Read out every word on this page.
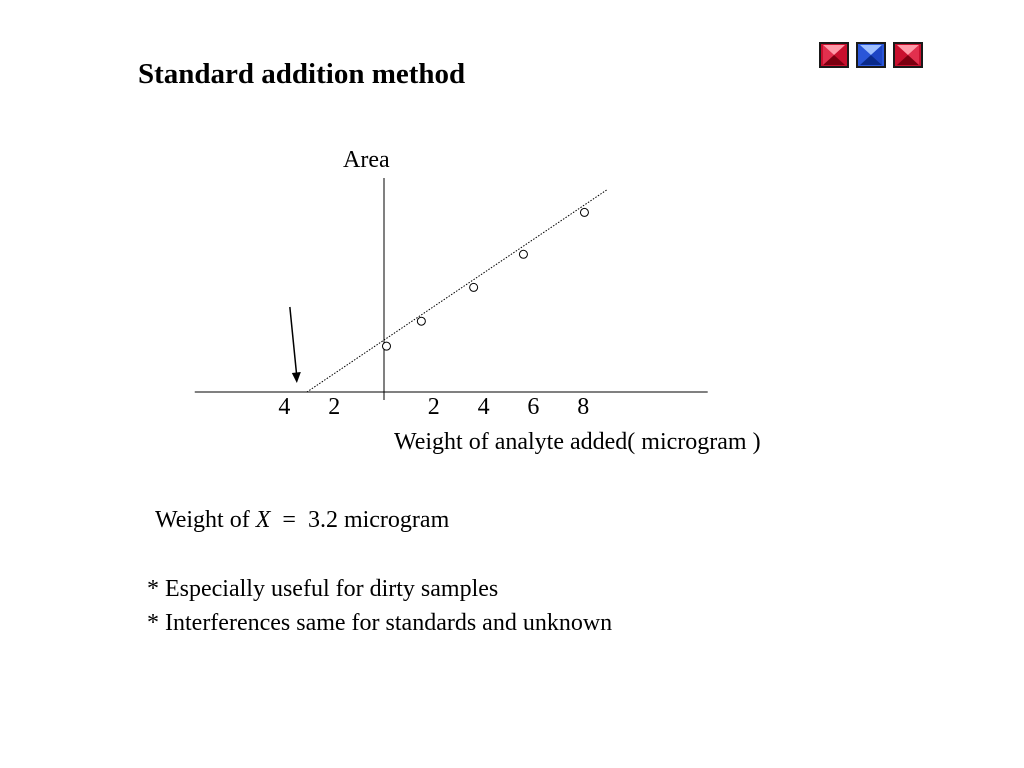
Standard addition method
4 2	2 4 6 8
Area
Weight of analyte added( microgram )
Weight of X = 3.2 microgram
* Especially useful for dirty samples
* Interferences same for standards and unknown
